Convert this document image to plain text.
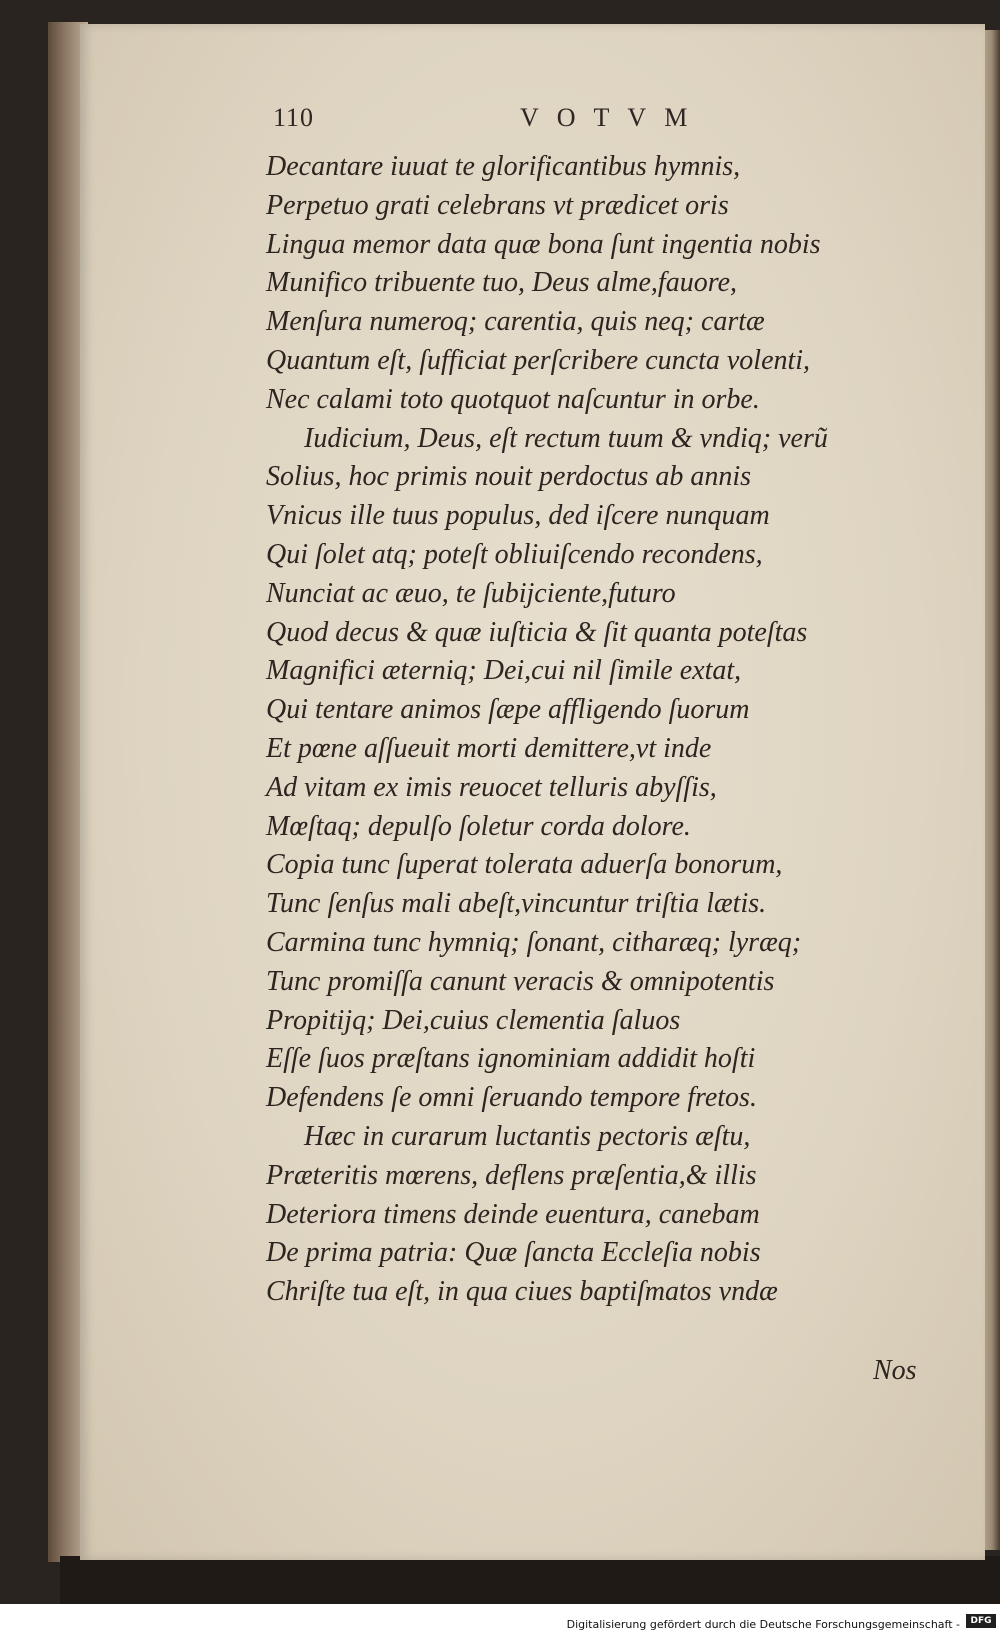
110	VOTVM
Decantare iuuat te glorificantibus hymnis,
Perpetuo grati celebrans vt prædicet oris
Lingua memor data quæ bona ſunt ingentia nobis
Munifico tribuente tuo, Deus alme,fauore,
Menſura numeroq; carentia, quis neq; cartæ
Quantum eſt, ſufficiat perſcribere cuncta volenti,
Nec calami toto quotquot naſcuntur in orbe.
Iudicium, Deus, eſt rectum tuum & vndiq; verũ
Solius, hoc primis nouit perdoctus ab annis
Vnicus ille tuus populus, ded iſcere nunquam
Qui ſolet atq; poteſt obliuiſcendo recondens,
Nunciat ac æuo, te ſubijciente,futuro
Quod decus & quæ iuſticia & ſit quanta poteſtas
Magnifici æterniq; Dei,cui nil ſimile extat,
Qui tentare animos ſæpe affligendo ſuorum
Et pœne aſſueuit morti demittere,vt inde
Ad vitam ex imis reuocet telluris abyſſis,
Mœſtaq; depulſo ſoletur corda dolore.
Copia tunc ſuperat tolerata aduerſa bonorum,
Tunc ſenſus mali abeſt,vincuntur triſtia lætis.
Carmina tunc hymniq; ſonant, citharæq; lyræq;
Tunc promiſſa canunt veracis & omnipotentis
Propitijq; Dei,cuius clementia ſaluos
Eſſe ſuos præſtans ignominiam addidit hoſti
Defendens ſe omni ſeruando tempore fretos.
Hæc in curarum luctantis pectoris æſtu,
Præteritis mœrens, deflens præſentia,& illis
Deteriora timens deinde euentura, canebam
De prima patria: Quæ ſancta Eccleſia nobis
Chriſte tua eſt, in qua ciues baptiſmatos vndæ
Nos
Digitalisierung gefördert durch die Deutsche Forschungsgemeinschaft -	DFG
